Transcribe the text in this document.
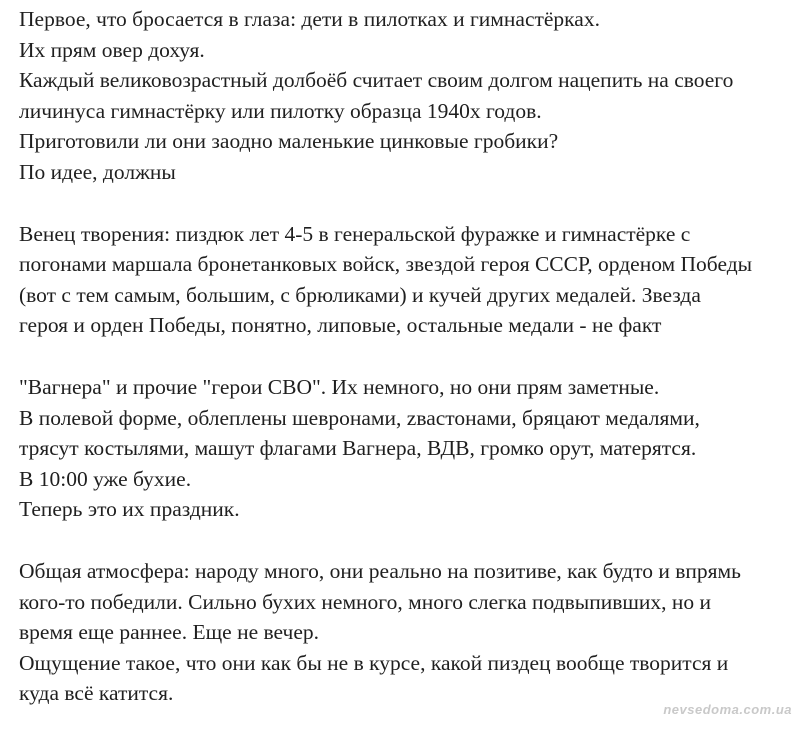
Первое, что бросается в глаза: дети в пилотках и гимнастёрках.
Их прям овер дохуя.
Каждый великовозрастный долбоёб считает своим долгом нацепить на своего
личинуса гимнастёрку или пилотку образца 1940х годов.
Приготовили ли они заодно маленькие цинковые гробики?
По идее, должны

Венец творения: пиздюк лет 4-5 в генеральской фуражке и гимнастёрке с
погонами маршала бронетанковых войск, звездой героя СССР, орденом Победы
(вот с тем самым, большим, с брюликами) и кучей других медалей. Звезда
героя и орден Победы, понятно, липовые, остальные медали - не факт

"Вагнера" и прочие "герои СВО". Их немного, но они прям заметные.
В полевой форме, облеплены шевронами, zвастонами, бряцают медалями,
трясут костылями, машут флагами Вагнера, ВДВ, громко орут, матерятся.
В 10:00 уже бухие.
Теперь это их праздник.

Общая атмосфера: народу много, они реально на позитиве, как будто и впрямь
кого-то победили. Сильно бухих немного, много слегка подвыпивших, но и
время еще раннее. Еще не вечер.
Ощущение такое, что они как бы не в курсе, какой пиздец вообще творится и
куда всё катится.

nevsedoma.com.ua
